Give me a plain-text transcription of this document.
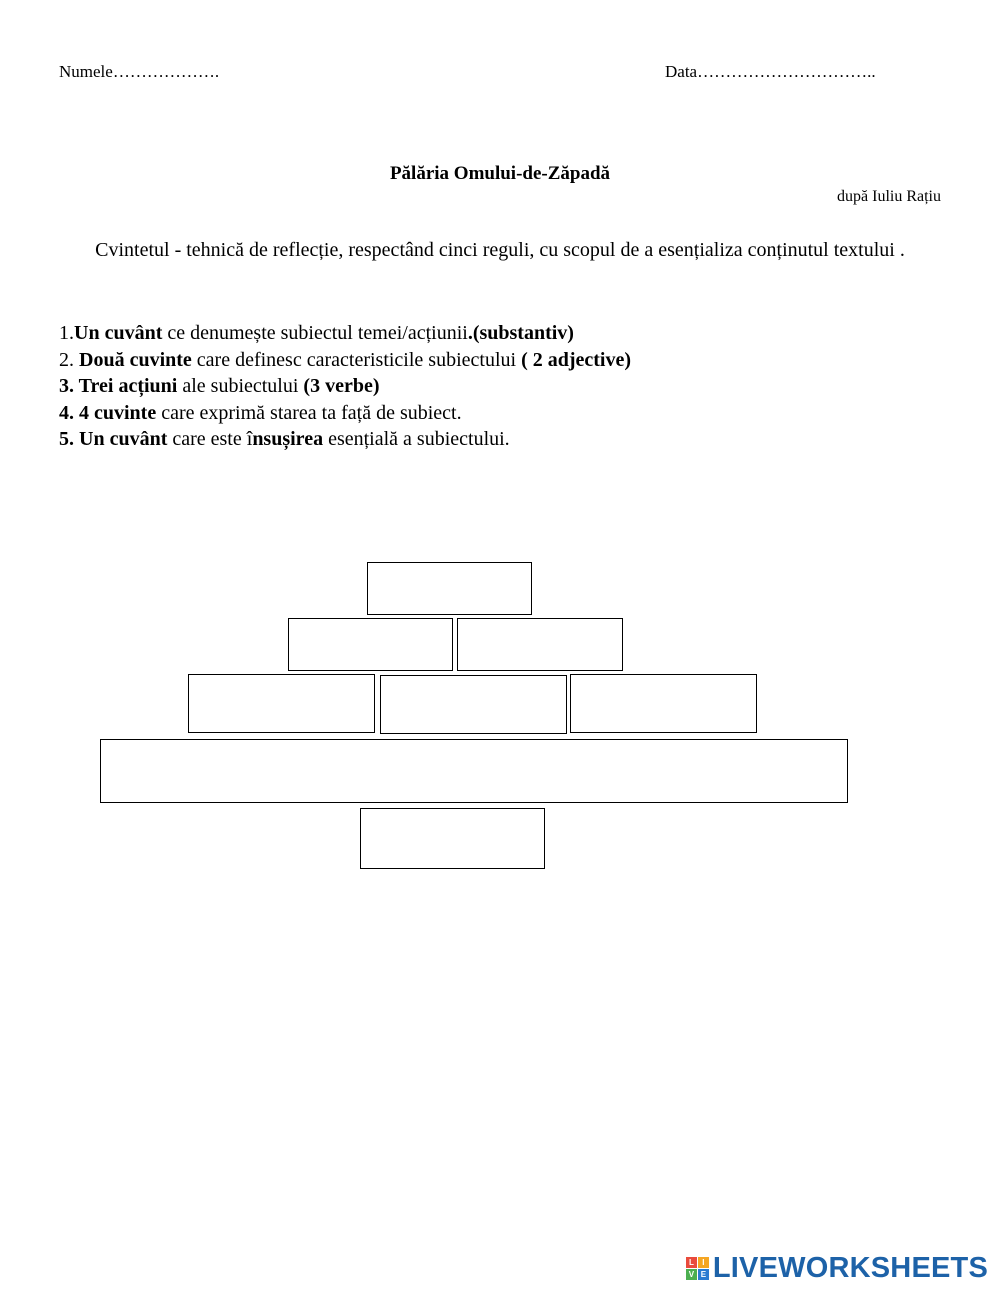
Numele……………….	Data…………………………..
Pălăria Omului-de-Zăpadă
după Iuliu Rațiu
Cvintetul - tehnică de reflecție, respectând cinci reguli, cu scopul de a esențializa conținutul textului .
1.Un cuvânt ce denumește subiectul temei/acțiunii.(substantiv)
2. Două cuvinte care definesc caracteristicile subiectului ( 2 adjective)
3. Trei acțiuni ale subiectului (3 verbe)
4. 4 cuvinte care exprimă starea ta față de subiect.
5. Un cuvânt care este însușirea esențială a subiectului.
L	I
V E LIVEWORKSHEETS
